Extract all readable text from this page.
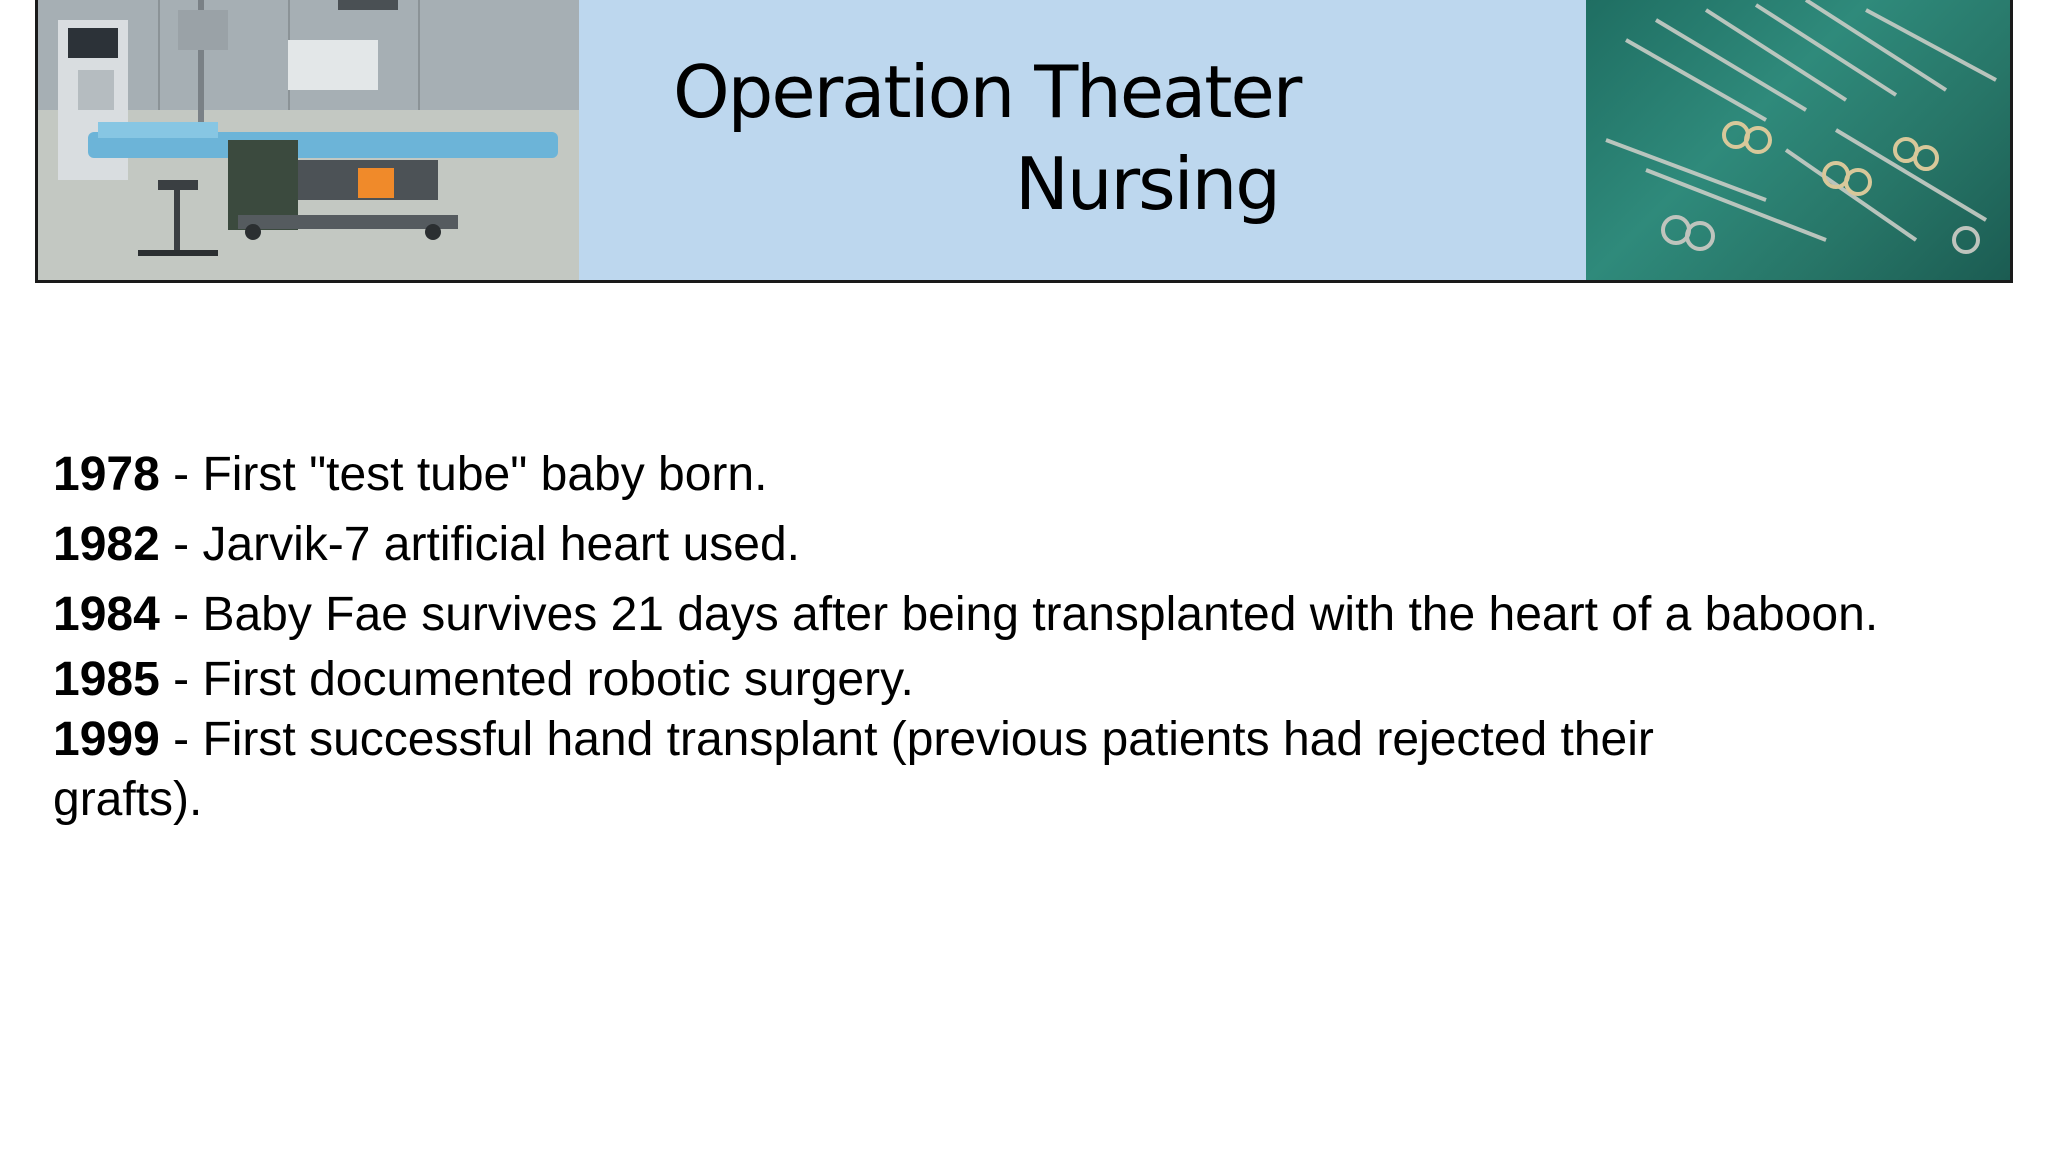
Operation Theater
Nursing

1978 - First "test tube" baby born.

1982 - Jarvik-7 artificial heart used.

1984 - Baby Fae survives 21 days after being transplanted with the heart of a baboon.

1985 - First documented robotic surgery.

1999 - First successful hand transplant (previous patients had rejected their grafts).
